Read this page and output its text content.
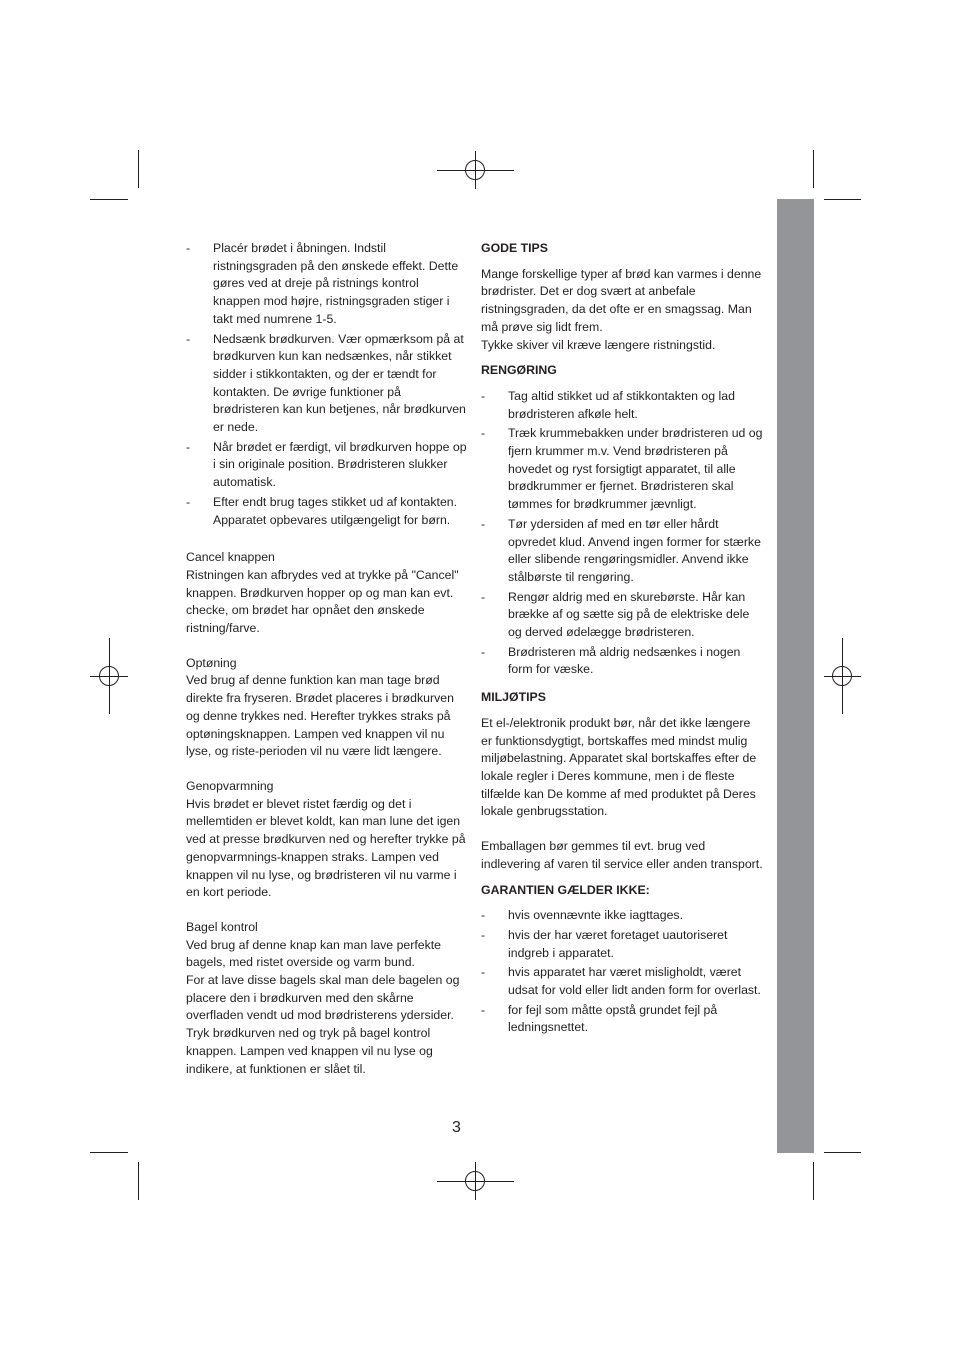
- Placér brødet i åbningen. Indstil ristningsgraden på den ønskede effekt. Dette gøres ved at dreje på ristnings kontrol knappen mod højre, ristningsgraden stiger i takt med numrene 1-5.
- Nedsænk brødkurven. Vær opmærksom på at brødkurven kun kan nedsænkes, når stikket sidder i stikkontakten, og der er tændt for kontakten. De øvrige funktioner på brødristeren kan kun betjenes, når brødkurven er nede.
- Når brødet er færdigt, vil brødkurven hoppe op i sin originale position. Brødristeren slukker automatisk.
- Efter endt brug tages stikket ud af kontakten. Apparatet opbevares utilgængeligt for børn.

Cancel knappen

Ristningen kan afbrydes ved at trykke på "Cancel" knappen. Brødkurven hopper op og man kan evt. checke, om brødet har opnået den ønskede ristning/farve.

Optøning

Ved brug af denne funktion kan man tage brød direkte fra fryseren. Brødet placeres i brødkurven og denne trykkes ned. Herefter trykkes straks på optøningsknappen. Lampen ved knappen vil nu lyse, og riste-perioden vil nu være lidt længere.

Genopvarmning

Hvis brødet er blevet ristet færdig og det i mellemtiden er blevet koldt, kan man lune det igen ved at presse brødkurven ned og herefter trykke på genopvarmnings-knappen straks. Lampen ved knappen vil nu lyse, og brødristeren vil nu varme i en kort periode.

Bagel kontrol

Ved brug af denne knap kan man lave perfekte bagels, med ristet overside og varm bund.

For at lave disse bagels skal man dele bagelen og placere den i brødkurven med den skårne overfladen vendt ud mod brødristerens ydersider. Tryk brødkurven ned og tryk på bagel kontrol knappen. Lampen ved knappen vil nu lyse og indikere, at funktionen er slået til.

GODE TIPS

Mange forskellige typer af brød kan varmes i denne brødrister. Det er dog svært at anbefale ristningsgraden, da det ofte er en smagssag. Man må prøve sig lidt frem.

Tykke skiver vil kræve længere ristningstid.

RENGØRING

- Tag altid stikket ud af stikkontakten og lad brødristeren afkøle helt.
- Træk krummebakken under brødristeren ud og fjern krummer m.v. Vend brødristeren på hovedet og ryst forsigtigt apparatet, til alle brødkrummer er fjernet. Brødristeren skal tømmes for brødkrummer jævnligt.
- Tør ydersiden af med en tør eller hårdt opvredet klud. Anvend ingen former for stærke eller slibende rengøringsmidler. Anvend ikke stålbørste til rengøring.
- Rengør aldrig med en skurebørste. Hår kan brække af og sætte sig på de elektriske dele og derved ødelægge brødristeren.
- Brødristeren må aldrig nedsænkes i nogen form for væske.

MILJØTIPS

Et el-/elektronik produkt bør, når det ikke længere er funktionsdygtigt, bortskaffes med mindst mulig miljøbelastning. Apparatet skal bortskaffes efter de lokale regler i Deres kommune, men i de fleste tilfælde kan De komme af med produktet på Deres lokale genbrugsstation.

Emballagen bør gemmes til evt. brug ved indlevering af varen til service eller anden transport.

GARANTIEN GÆLDER IKKE:

- hvis ovennævnte ikke iagttages.
- hvis der har været foretaget uautoriseret indgreb i apparatet.
- hvis apparatet har været misligholdt, været udsat for vold eller lidt anden form for overlast.
- for fejl som måtte opstå grundet fejl på ledningsnettet.
3
